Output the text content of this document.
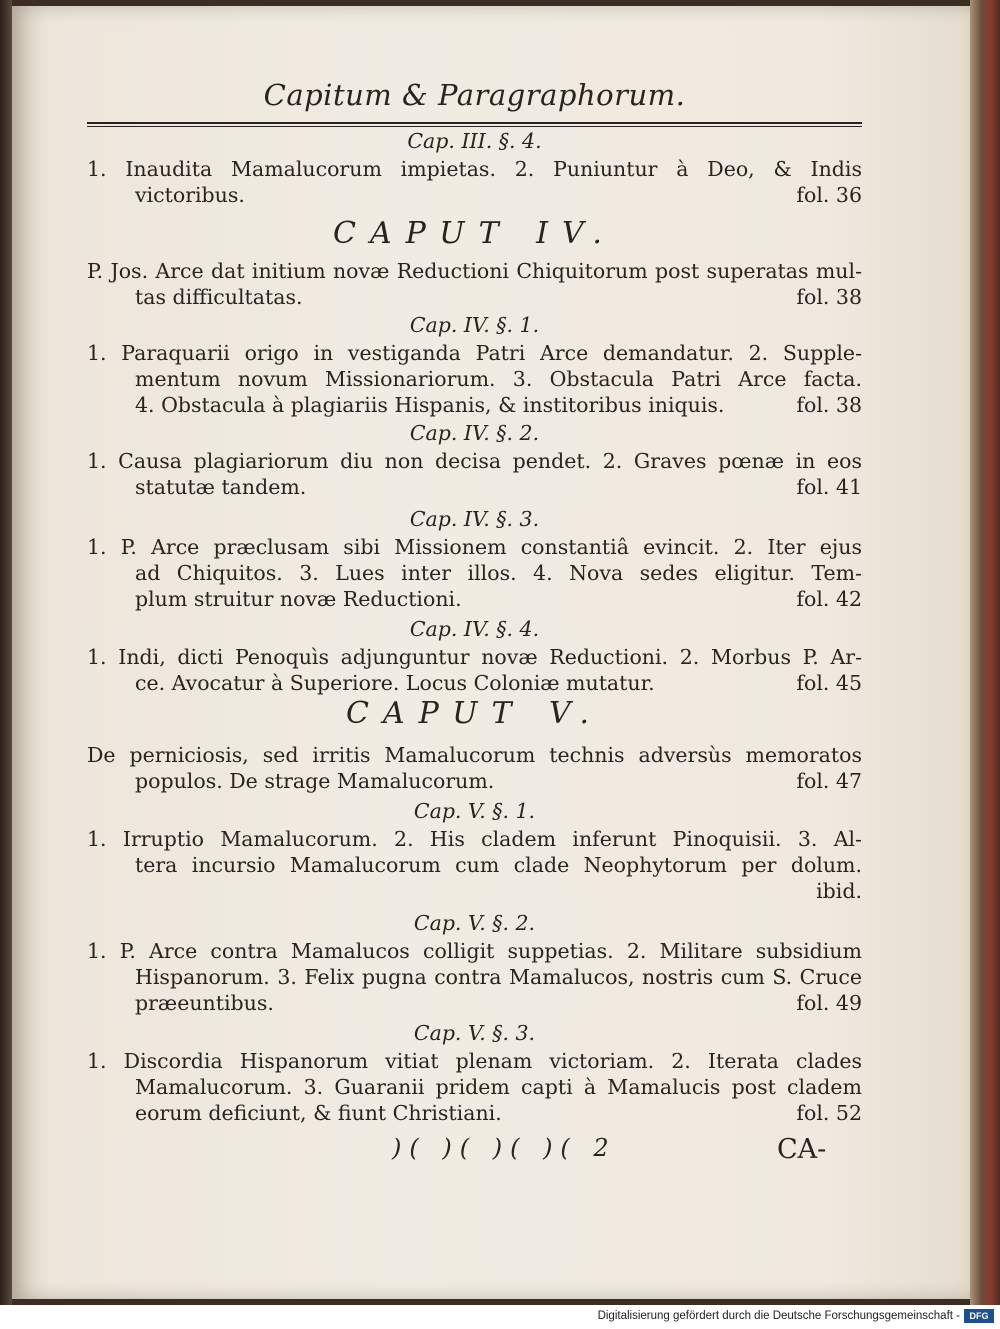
Capitum & Paragraphorum.
Cap. III. §. 4.
1. Inaudita Mamalucorum impietas. 2. Puniuntur à Deo, & Indis
victoribus.	fol. 36
CAPUT IV.
P. Jos. Arce dat initium novæ Reductioni Chiquitorum post superatas mul-
tas difficultatas.	fol. 38
Cap. IV. §. 1.
1. Paraquarii origo in vestiganda Patri Arce demandatur. 2. Supple-
mentum novum Missionariorum. 3. Obstacula Patri Arce facta.
4. Obstacula à plagiariis Hispanis, & institoribus iniquis.	fol. 38
Cap. IV. §. 2.
1. Causa plagiariorum diu non decisa pendet. 2. Graves pœnæ in eos
statutæ tandem.	fol. 41
Cap. IV. §. 3.
1. P. Arce præclusam sibi Missionem constantiâ evincit. 2. Iter ejus
ad Chiquitos. 3. Lues inter illos. 4. Nova sedes eligitur. Tem-
plum struitur novæ Reductioni.	fol. 42
Cap. IV. §. 4.
1. Indi, dicti Penoquìs adjunguntur novæ Reductioni. 2. Morbus P. Ar-
ce. Avocatur à Superiore. Locus Coloniæ mutatur.	fol. 45
CAPUT V.
De perniciosis, sed irritis Mamalucorum technis adversùs memoratos
populos. De strage Mamalucorum.	fol. 47
Cap. V. §. 1.
1. Irruptio Mamalucorum. 2. His cladem inferunt Pinoquisii. 3. Al-
tera incursio Mamalucorum cum clade Neophytorum per dolum.
ibid.
Cap. V. §. 2.
1. P. Arce contra Mamalucos colligit suppetias. 2. Militare subsidium
Hispanorum. 3. Felix pugna contra Mamalucos, nostris cum S. Cruce
præeuntibus.	fol. 49
Cap. V. §. 3.
1. Discordia Hispanorum vitiat plenam victoriam. 2. Iterata clades
Mamalucorum. 3. Guaranii pridem capti à Mamalucis post cladem
eorum deficiunt, & fiunt Christiani.	fol. 52
)( )( )( )( 2	CA-
Digitalisierung gefördert durch die Deutsche Forschungsgemeinschaft -	DFG
